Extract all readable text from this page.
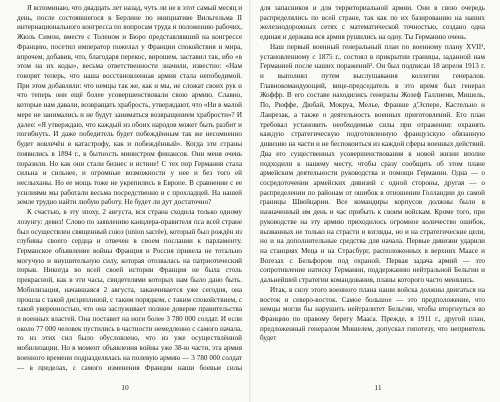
Я вспоминаю, что двадцать лет назад, чуть ли не в этот самый месяц и день, после состоявшегося в Берлине по инициативе Вильгельма II интернационального конгресса по вопросам труда и положению рабочих, Жюль Симон, вместе с Толеном и Бюро представлявший на конгрессе Францию, посетил император пожелал у Франции спокойствия и мира, впрочем, добавив, что, благодаря перекос, вирошем, заставил так, ибо «в этом на их коды», весьма ответственности значили, известно: «Нам говорят теперь, что наша восстановленная армия стала непобедимой. При этом добавляли: что немцы так же, как и мы, не сложат своих рук и что теперь они ещё более усовершенствовали свою армию. Славно, которые нам давали, возвращать храбрость, утверждают, что «Ни в малой мере не занимались и не будут заниматься возвращением храбрости»? И далее: «Я утверждаю, что каждый из обоих народов может быть разбит и погибнуть. И даже победитель будет побеждённым так же несомненно будет вовлечён в катастрофу, как и побеждённый». Когда эти страны появились в 1894 г., в бытность министром финансов. Они меня очень поразили. Но как они стали бизнес и истине! С тех пор Германия стала сильна и сильнее, и огромные возможности у нее и без того ей неслыханы. Но ее мощь тоже не укрепились в Европе. В сравнении с ее усилиями мы работали весьма посредственно и с прохладцей. На нашей земле трудно найти любую работу. Не будет ли дут достаточно?

К счастью, в эту эпоху, 2 августа, вся страна сходила только одному лозунгу: девиз! Слово по заявлению канцлера-правителя пса всей стране был осуществлен священный союз (union sacrée), который был рождён из глубины своего сердца и отвечен в своем послании к парламенту. Германское объявление войны Франция и Россия привела не тотально могучую и внушительную силу, которая отозвалась на патриотический порыв. Никогда во всей своей истории Франция не была столь прекрасной, как в эти часы, свидетелями которых нам было дано быть. Мобилизация, начавшаяся 2 августа, заканчивается уже сегодня, она прошла с такой дисциплиной, с таким порядком, с таким спокойствием, с такой уверенностью, что она заслуживает полное доверие правительства и военных властей. Она поставит на ноги более 3 780 000 солдат. И если около 77 000 человек пустились в частности немедленно с самого начала, то из этих сил было обусловлено, что из уже осуществлённой мобилизации. Но в момент объявления войны уже 38-ю части, эта армия военного времени подразделялась на полевую армию — 3 780 000 солдат — в пределах, с самого изменения Франции наши боевые силы

10

для запасников и для территориальной армии. Они в свою очередь распределялись по всей стране, так как по их базированию на наших железнодорожных сетях с математической точностью, создано одна единая и держава вся армия рушились на одну. Ты Германию очень.

Наш первый военный генеральный план по военному плану XVII¹, установленному с 1875 г., состоял в прикрытии границы, заданной нам Германией после наших поражений². Он был подписан 18 апреля 1913 г. и выполнял путем выслушавания коллегии генералов. Главнокомандующий, вице-председатель в это время был генерал Жоффр. В его составе находились генералы Жозеф Галлиени, Мишель, По, Рюффе, Дюбай, Мокруа, Мелье, Франше д'Эспере, Кастельно и Ланрезак, а также о деятельность военных приготовлений. Его план требовал установить необходимые силы при отражении: охранять каждую стратегическую подготовленную французскую обязанную дивизию на части и не беспокоиться из каждой сферы военных действий. Два его существенных усовершенствования в новой жизни вполне подходили к нашему месту, чтобы сразу сообщить об этом плане армейским деятельности руководства и помощи Германии. Одна — о сосредоточении армейских дивизий с одной стороны, другая — о распределении по районам от ошибок в отношении Голландии до самой границы Швейцарии. Все командиры корпусов должны были в назначенный им день и час прибыть к своим войскам. Кроме того, при руководстве на эту армию приходилось огромное количество ошибок, вызванных не только на страсти и взгляды, но и на стратегические цели, но и на дополнительные средства для начала. Первые дивизии ударили на станциях Меца и на Страсбург, расположенных в верхних Маасе и Вогезах с Бельфором под охраной. Первая задача армий — это сопротивление натиску Германии, поддержанию нейтральной Бельгии и дальнейшей стратегии командования, планы которого часто менялись.

Итак, в силу этого военного плана наши войска должны двигаться на восток и северо-восток. Самое большое — это предположение, что немцы могли бы нарушить нейтралитет Бельгии, чтобы вторгнуться во Францию по правому берегу Мааса. Прежде, в 1911 г., другой план, предложенный генералом Мишелем, допускал гипотезу, что неприятель будет

11
